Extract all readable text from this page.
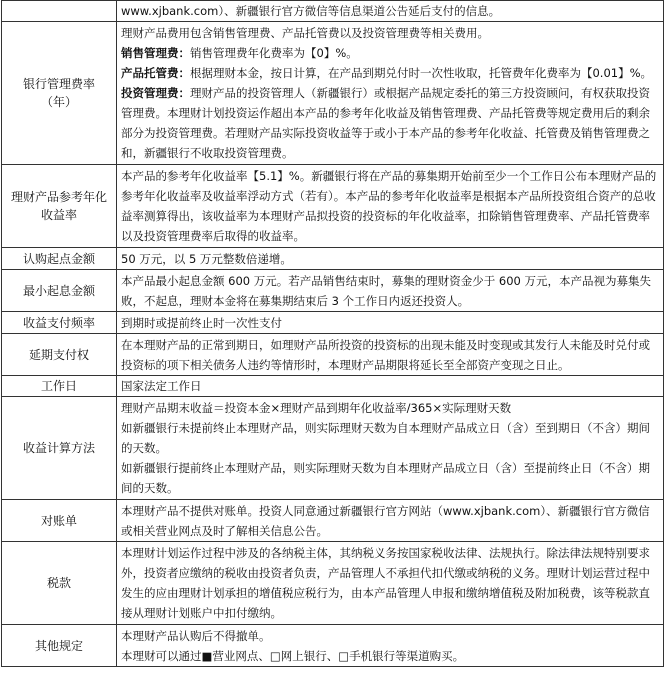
	www.xjbank.com）、新疆银行官方微信等信息渠道公告延后支付的信息。

银行管理费率（年）	理财产品费用包含销售管理费、产品托管费以及投资管理费等相关费用。
销售管理费：销售管理费年化费率为【0】%。
产品托管费：根据理财本金，按日计算，在产品到期兑付时一次性收取，托管费年化费率为【0.01】%。
投资管理费：理财产品的投资管理人（新疆银行）或根据产品规定委托的第三方投资顾问，有权获取投资管理费。本理财计划投资运作超出本产品的参考年化收益及销售管理费、产品托管费等规定费用后的剩余部分为投资管理费。若理财产品实际投资收益等于或小于本产品的参考年化收益、托管费及销售管理费之和，新疆银行不收取投资管理费。

理财产品参考年化收益率	本产品的参考年化收益率【5.1】%。新疆银行将在产品的募集期开始前至少一个工作日公布本理财产品的参考年化收益率及收益率浮动方式（若有）。本产品的参考年化收益率是根据本产品所投资组合资产的总收益率测算得出，该收益率为本理财产品拟投资的投资标的年化收益率，扣除销售管理费率、产品托管费率以及投资管理费率后取得的收益率。

认购起点金额	50 万元，以 5 万元整数倍递增。

最小起息金额	本产品最小起息金额 600 万元。若产品销售结束时，募集的理财资金少于 600 万元，本产品视为募集失败，不起息，理财本金将在募集期结束后 3 个工作日内返还投资人。

收益支付频率	到期时或提前终止时一次性支付

延期支付权	在本理财产品的正常到期日，如理财产品所投资的投资标的出现未能及时变现或其发行人未能及时兑付或投资标的项下相关债务人违约等情形时，本理财产品期限将延长至全部资产变现之日止。

工作日	国家法定工作日

收益计算方法	理财产品期末收益＝投资本金×理财产品到期年化收益率/365×实际理财天数
如新疆银行未提前终止本理财产品，则实际理财天数为自本理财产品成立日（含）至到期日（不含）期间的天数。
如新疆银行提前终止本理财产品，则实际理财天数为自本理财产品成立日（含）至提前终止日（不含）期间的天数。

对账单	本理财产品不提供对账单。投资人同意通过新疆银行官方网站（www.xjbank.com）、新疆银行官方微信或相关营业网点及时了解相关信息公告。

税款	本理财计划运作过程中涉及的各纳税主体，其纳税义务按国家税收法律、法规执行。除法律法规特别要求外，投资者应缴纳的税收由投资者负责，产品管理人不承担代扣代缴或纳税的义务。理财计划运营过程中发生的应由理财计划承担的增值税应税行为，由本产品管理人申报和缴纳增值税及附加税费，该等税款直接从理财计划账户中扣付缴纳。

其他规定	本理财产品认购后不得撤单。
本理财可以通过■营业网点、□网上银行、□手机银行等渠道购买。
